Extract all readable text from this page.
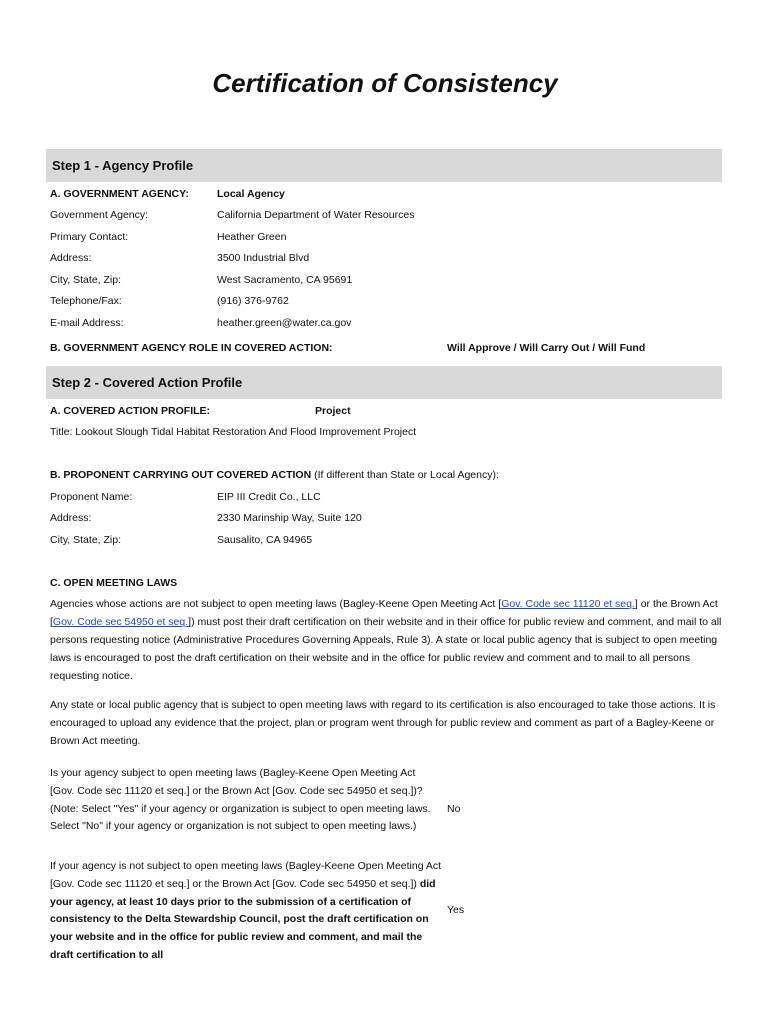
Certification of Consistency
Step 1 - Agency Profile
A. GOVERNMENT AGENCY:	Local Agency
Government Agency:	California Department of Water Resources
Primary Contact:	Heather Green
Address:	3500 Industrial Blvd
City, State, Zip:	West Sacramento, CA 95691
Telephone/Fax:	(916) 376-9762
E-mail Address:	heather.green@water.ca.gov
B. GOVERNMENT AGENCY ROLE IN COVERED ACTION:	Will Approve / Will Carry Out / Will Fund
Step 2 - Covered Action Profile
A. COVERED ACTION PROFILE:	Project
Title: Lookout Slough Tidal Habitat Restoration And Flood Improvement Project
B. PROPONENT CARRYING OUT COVERED ACTION (If different than State or Local Agency):
Proponent Name:	EIP III Credit Co., LLC
Address:	2330 Marinship Way, Suite 120
City, State, Zip:	Sausalito, CA 94965
C. OPEN MEETING LAWS

Agencies whose actions are not subject to open meeting laws (Bagley-Keene Open Meeting Act [Gov. Code sec 11120 et seq.] or the Brown Act [Gov. Code sec 54950 et seq.]) must post their draft certification on their website and in their office for public review and comment, and mail to all persons requesting notice (Administrative Procedures Governing Appeals, Rule 3). A state or local public agency that is subject to open meeting laws is encouraged to post the draft certification on their website and in the office for public review and comment and to mail to all persons requesting notice.

Any state or local public agency that is subject to open meeting laws with regard to its certification is also encouraged to take those actions. It is encouraged to upload any evidence that the project, plan or program went through for public review and comment as part of a Bagley-Keene or Brown Act meeting.

Is your agency subject to open meeting laws (Bagley-Keene Open Meeting Act [Gov. Code sec 11120 et seq.] or the Brown Act [Gov. Code sec 54950 et seq.])? (Note: Select "Yes" if your agency or organization is subject to open meeting laws. Select "No" if your agency or organization is not subject to open meeting laws.)

No

If your agency is not subject to open meeting laws (Bagley-Keene Open Meeting Act [Gov. Code sec 11120 et seq.] or the Brown Act [Gov. Code sec 54950 et seq.]) did your agency, at least 10 days prior to the submission of a certification of consistency to the Delta Stewardship Council, post the draft certification on your website and in the office for public review and comment, and mail the draft certification to all

Yes
